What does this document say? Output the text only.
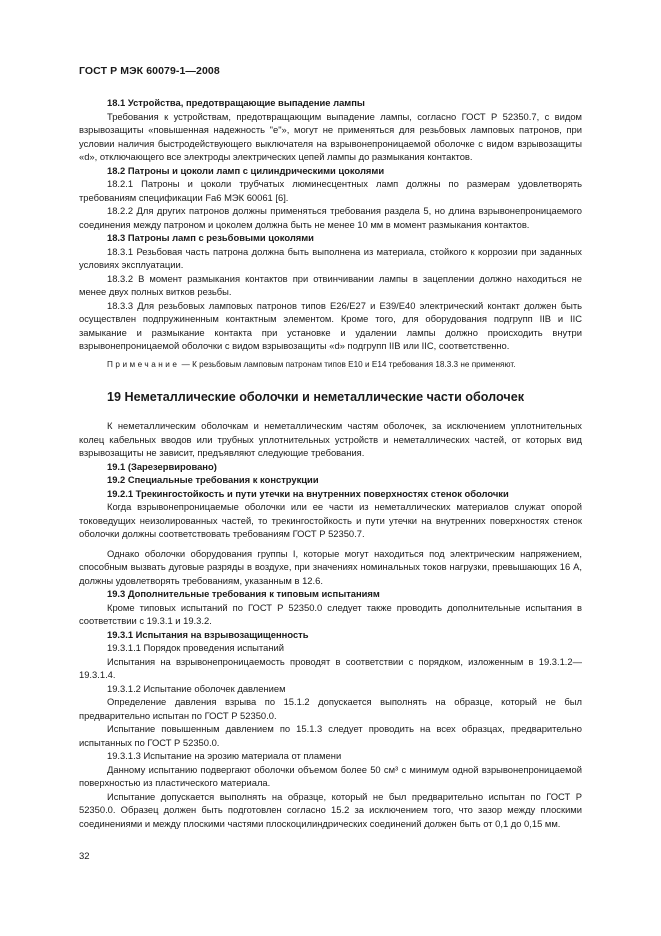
ГОСТ Р МЭК 60079-1—2008

18.1 Устройства, предотвращающие выпадение лампы

Требования к устройствам, предотвращающим выпадение лампы, согласно ГОСТ Р 52350.7, с видом взрывозащиты «повышенная надежность "e"», могут не применяться для резьбовых ламповых патронов, при условии наличия быстродействующего выключателя на взрывонепроницаемой оболочке с видом взрывозащиты «d», отключающего все электроды электрических цепей лампы до размыкания контактов.

18.2 Патроны и цоколи ламп с цилиндрическими цоколями

18.2.1 Патроны и цоколи трубчатых люминесцентных ламп должны по размерам удовлетворять требованиям спецификации Fa6 МЭК 60061 [6].

18.2.2 Для других патронов должны применяться требования раздела 5, но длина взрывонепроницаемого соединения между патроном и цоколем должна быть не менее 10 мм в момент размыкания контактов.

18.3 Патроны ламп с резьбовыми цоколями

18.3.1 Резьбовая часть патрона должна быть выполнена из материала, стойкого к коррозии при заданных условиях эксплуатации.

18.3.2 В момент размыкания контактов при отвинчивании лампы в зацеплении должно находиться не менее двух полных витков резьбы.

18.3.3 Для резьбовых ламповых патронов типов E26/E27 и E39/E40 электрический контакт должен быть осуществлен подпружиненным контактным элементом. Кроме того, для оборудования подгрупп IIB и IIC замыкание и размыкание контакта при установке и удалении лампы должно происходить внутри взрывонепроницаемой оболочки с видом взрывозащиты «d» подгрупп IIB или IIC, соответственно.

Примечание — К резьбовым ламповым патронам типов E10 и E14 требования 18.3.3 не применяют.

19 Неметаллические оболочки и неметаллические части оболочек

К неметаллическим оболочкам и неметаллическим частям оболочек, за исключением уплотнительных колец кабельных вводов или трубных уплотнительных устройств и неметаллических частей, от которых вид взрывозащиты не зависит, предъявляют следующие требования.

19.1 (Зарезервировано)

19.2 Специальные требования к конструкции

19.2.1 Трекингостойкость и пути утечки на внутренних поверхностях стенок оболочки

Когда взрывонепроницаемые оболочки или ее части из неметаллических материалов служат опорой токоведущих неизолированных частей, то трекингостойкость и пути утечки на внутренних поверхностях стенок оболочки должны соответствовать требованиям ГОСТ Р 52350.7.

Однако оболочки оборудования группы I, которые могут находиться под электрическим напряжением, способным вызвать дуговые разряды в воздухе, при значениях номинальных токов нагрузки, превышающих 16 А, должны удовлетворять требованиям, указанным в 12.6.

19.3 Дополнительные требования к типовым испытаниям

Кроме типовых испытаний по ГОСТ Р 52350.0 следует также проводить дополнительные испытания в соответствии с 19.3.1 и 19.3.2.

19.3.1 Испытания на взрывозащищенность

19.3.1.1 Порядок проведения испытаний

Испытания на взрывонепроницаемость проводят в соответствии с порядком, изложенным в 19.3.1.2—19.3.1.4.

19.3.1.2 Испытание оболочек давлением

Определение давления взрыва по 15.1.2 допускается выполнять на образце, который не был предварительно испытан по ГОСТ Р 52350.0.

Испытание повышенным давлением по 15.1.3 следует проводить на всех образцах, предварительно испытанных по ГОСТ Р 52350.0.

19.3.1.3 Испытание на эрозию материала от пламени

Данному испытанию подвергают оболочки объемом более 50 см³ с минимум одной взрывонепроницаемой поверхностью из пластического материала.

Испытание допускается выполнять на образце, который не был предварительно испытан по ГОСТ Р 52350.0. Образец должен быть подготовлен согласно 15.2 за исключением того, что зазор между плоскими соединениями и между плоскими частями плоскоцилиндрических соединений должен быть от 0,1 до 0,15 мм.

32
